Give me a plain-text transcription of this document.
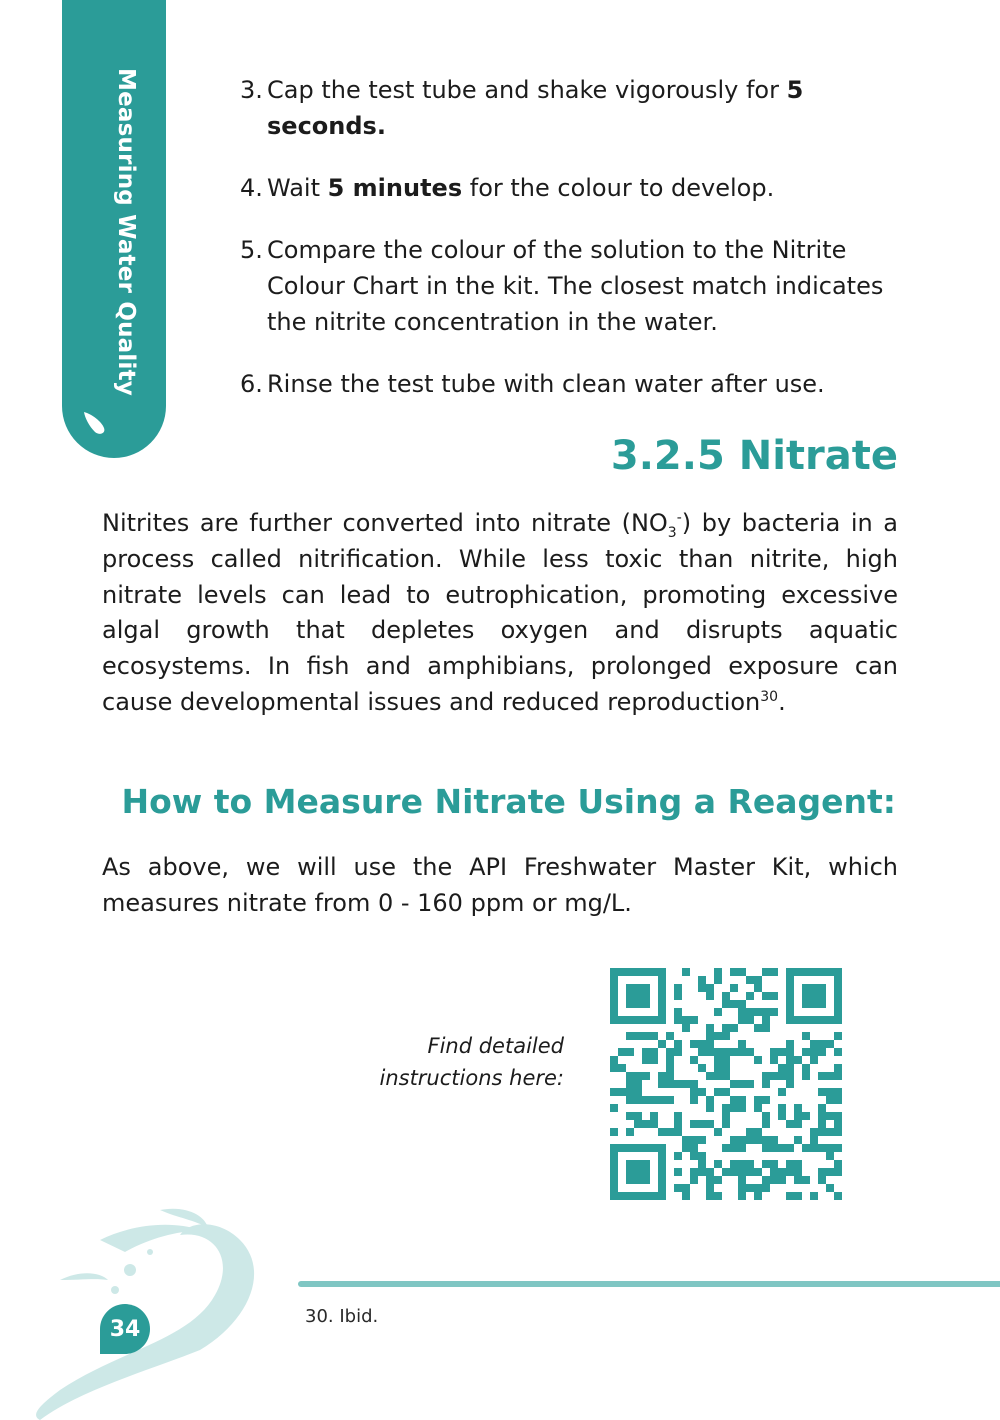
Measuring Water Quality	3. Cap the test tube and shake vigorously for 5 seconds.
4. Wait 5 minutes for the colour to develop.
5. Compare the colour of the solution to the Nitrite Colour Chart in the kit. The closest match indicates the nitrite concentration in the water.
6. Rinse the test tube with clean water after use.
3.2.5 Nitrate

Nitrites are further converted into nitrate $(NO_3^-)$ by bacteria in a process called nitrification. While less toxic than nitrite, high nitrate levels can lead to eutrophication, promoting excessive algal growth that depletes oxygen and disrupts aquatic ecosystems. In fish and amphibians, prolonged exposure can cause developmental issues and reduced reproduction$^{30}$.

How to Measure Nitrate Using a Reagent:

As above, we will use the API Freshwater Master Kit, which measures nitrate from 0 - 160 ppm or mg/L.

Find detailed
instructions here:
34	30. Ibid.
